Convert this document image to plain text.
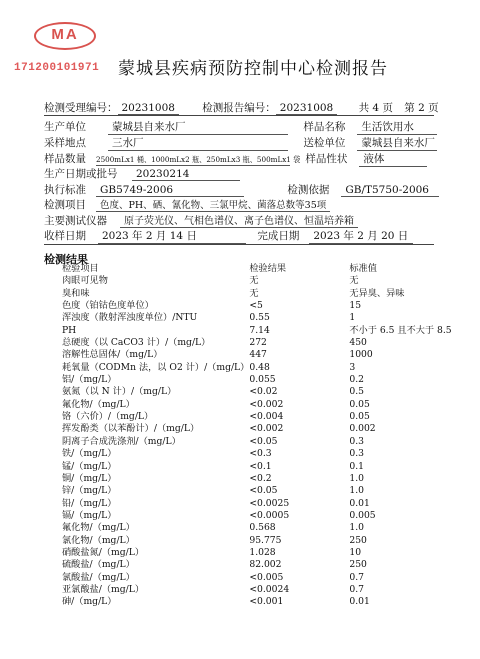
MA
171200101971 蒙城县疾病预防控制中心检测报告
检测受理编号： 20231008	检测报告编号： 20231008 共 4 页 第 2 页
生产单位 蒙城县自来水厂	样品名称 生活饮用水
采样地点 三水厂	送检单位 蒙城县自来水厂
样品数量 2500mLx1 桶、1000mLx2 瓶、250mLx3 瓶、500mLx1 袋 样品性状 液体
生产日期或批号 20230214
执行标准 GB5749-2006	检测依据 GB/T5750-2006
检测项目 色度、PH、硒、氰化物、三氯甲烷、菌落总数等35项
主要测试仪器 原子荧光仪、气相色谱仪、离子色谱仪、恒温培养箱
收样日期 2023 年 2 月 14 日	完成日期 2023 年 2 月 20 日
检测结果
检验项目	检验结果	标准值
肉眼可见物	无	无
臭和味	无	无异臭、异味
色度（铂钴色度单位）	<5	15
浑浊度（散射浑浊度单位）/NTU	0.55	1
PH	7.14	不小于 6.5 且不大于 8.5
总硬度（以 CaCO3 计）/（mg/L）	272	450
溶解性总固体/（mg/L）	447	1000
耗氧量（CODMn 法，以 O2 计）/（mg/L）	0.48	3
铝/（mg/L）	0.055	0.2
氨氮（以 N 计）/（mg/L）	<0.02	0.5
氟化物/（mg/L）	<0.002	0.05
铬（六价）/（mg/L）	<0.004	0.05
挥发酚类（以苯酚计）/（mg/L）	<0.002	0.002
阴离子合成洗涤剂/（mg/L）	<0.05	0.3
铁/（mg/L）	<0.3	0.3
锰/（mg/L）	<0.1	0.1
铜/（mg/L）	<0.2	1.0
锌/（mg/L）	<0.05	1.0
铅/（mg/L）	<0.0025	0.01
镉/（mg/L）	<0.0005	0.005
氟化物/（mg/L）	0.568	1.0
氯化物/（mg/L）	95.775	250
硝酸盐氮/（mg/L）	1.028	10
硫酸盐/（mg/L）	82.002	250
氯酸盐/（mg/L）	<0.005	0.7
亚氯酸盐/（mg/L）	<0.0024	0.7
砷/（mg/L）	<0.001	0.01
